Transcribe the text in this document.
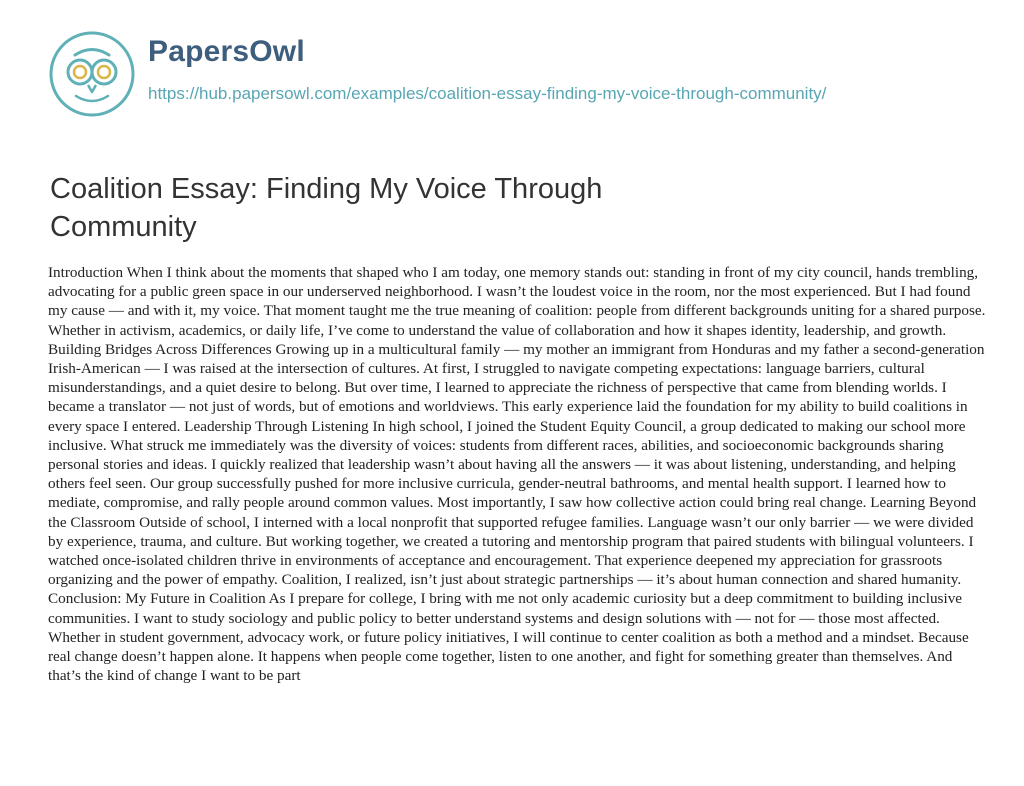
PapersOwl
https://hub.papersowl.com/examples/coalition-essay-finding-my-voice-through-community/
Coalition Essay: Finding My Voice Through Community

Introduction When I think about the moments that shaped who I am today, one memory stands out: standing in front of my city council, hands trembling, advocating for a public green space in our underserved neighborhood. I wasn’t the loudest voice in the room, nor the most experienced. But I had found my cause — and with it, my voice. That moment taught me the true meaning of coalition: people from different backgrounds uniting for a shared purpose. Whether in activism, academics, or daily life, I’ve come to understand the value of collaboration and how it shapes identity, leadership, and growth. Building Bridges Across Differences Growing up in a multicultural family — my mother an immigrant from Honduras and my father a second-generation Irish-American — I was raised at the intersection of cultures. At first, I struggled to navigate competing expectations: language barriers, cultural misunderstandings, and a quiet desire to belong. But over time, I learned to appreciate the richness of perspective that came from blending worlds. I became a translator — not just of words, but of emotions and worldviews. This early experience laid the foundation for my ability to build coalitions in every space I entered. Leadership Through Listening In high school, I joined the Student Equity Council, a group dedicated to making our school more inclusive. What struck me immediately was the diversity of voices: students from different races, abilities, and socioeconomic backgrounds sharing personal stories and ideas. I quickly realized that leadership wasn’t about having all the answers — it was about listening, understanding, and helping others feel seen. Our group successfully pushed for more inclusive curricula, gender-neutral bathrooms, and mental health support. I learned how to mediate, compromise, and rally people around common values. Most importantly, I saw how collective action could bring real change. Learning Beyond the Classroom Outside of school, I interned with a local nonprofit that supported refugee families. Language wasn’t our only barrier — we were divided by experience, trauma, and culture. But working together, we created a tutoring and mentorship program that paired students with bilingual volunteers. I watched once-isolated children thrive in environments of acceptance and encouragement. That experience deepened my appreciation for grassroots organizing and the power of empathy. Coalition, I realized, isn’t just about strategic partnerships — it’s about human connection and shared humanity. Conclusion: My Future in Coalition As I prepare for college, I bring with me not only academic curiosity but a deep commitment to building inclusive communities. I want to study sociology and public policy to better understand systems and design solutions with — not for — those most affected. Whether in student government, advocacy work, or future policy initiatives, I will continue to center coalition as both a method and a mindset. Because real change doesn’t happen alone. It happens when people come together, listen to one another, and fight for something greater than themselves. And that’s the kind of change I want to be part
